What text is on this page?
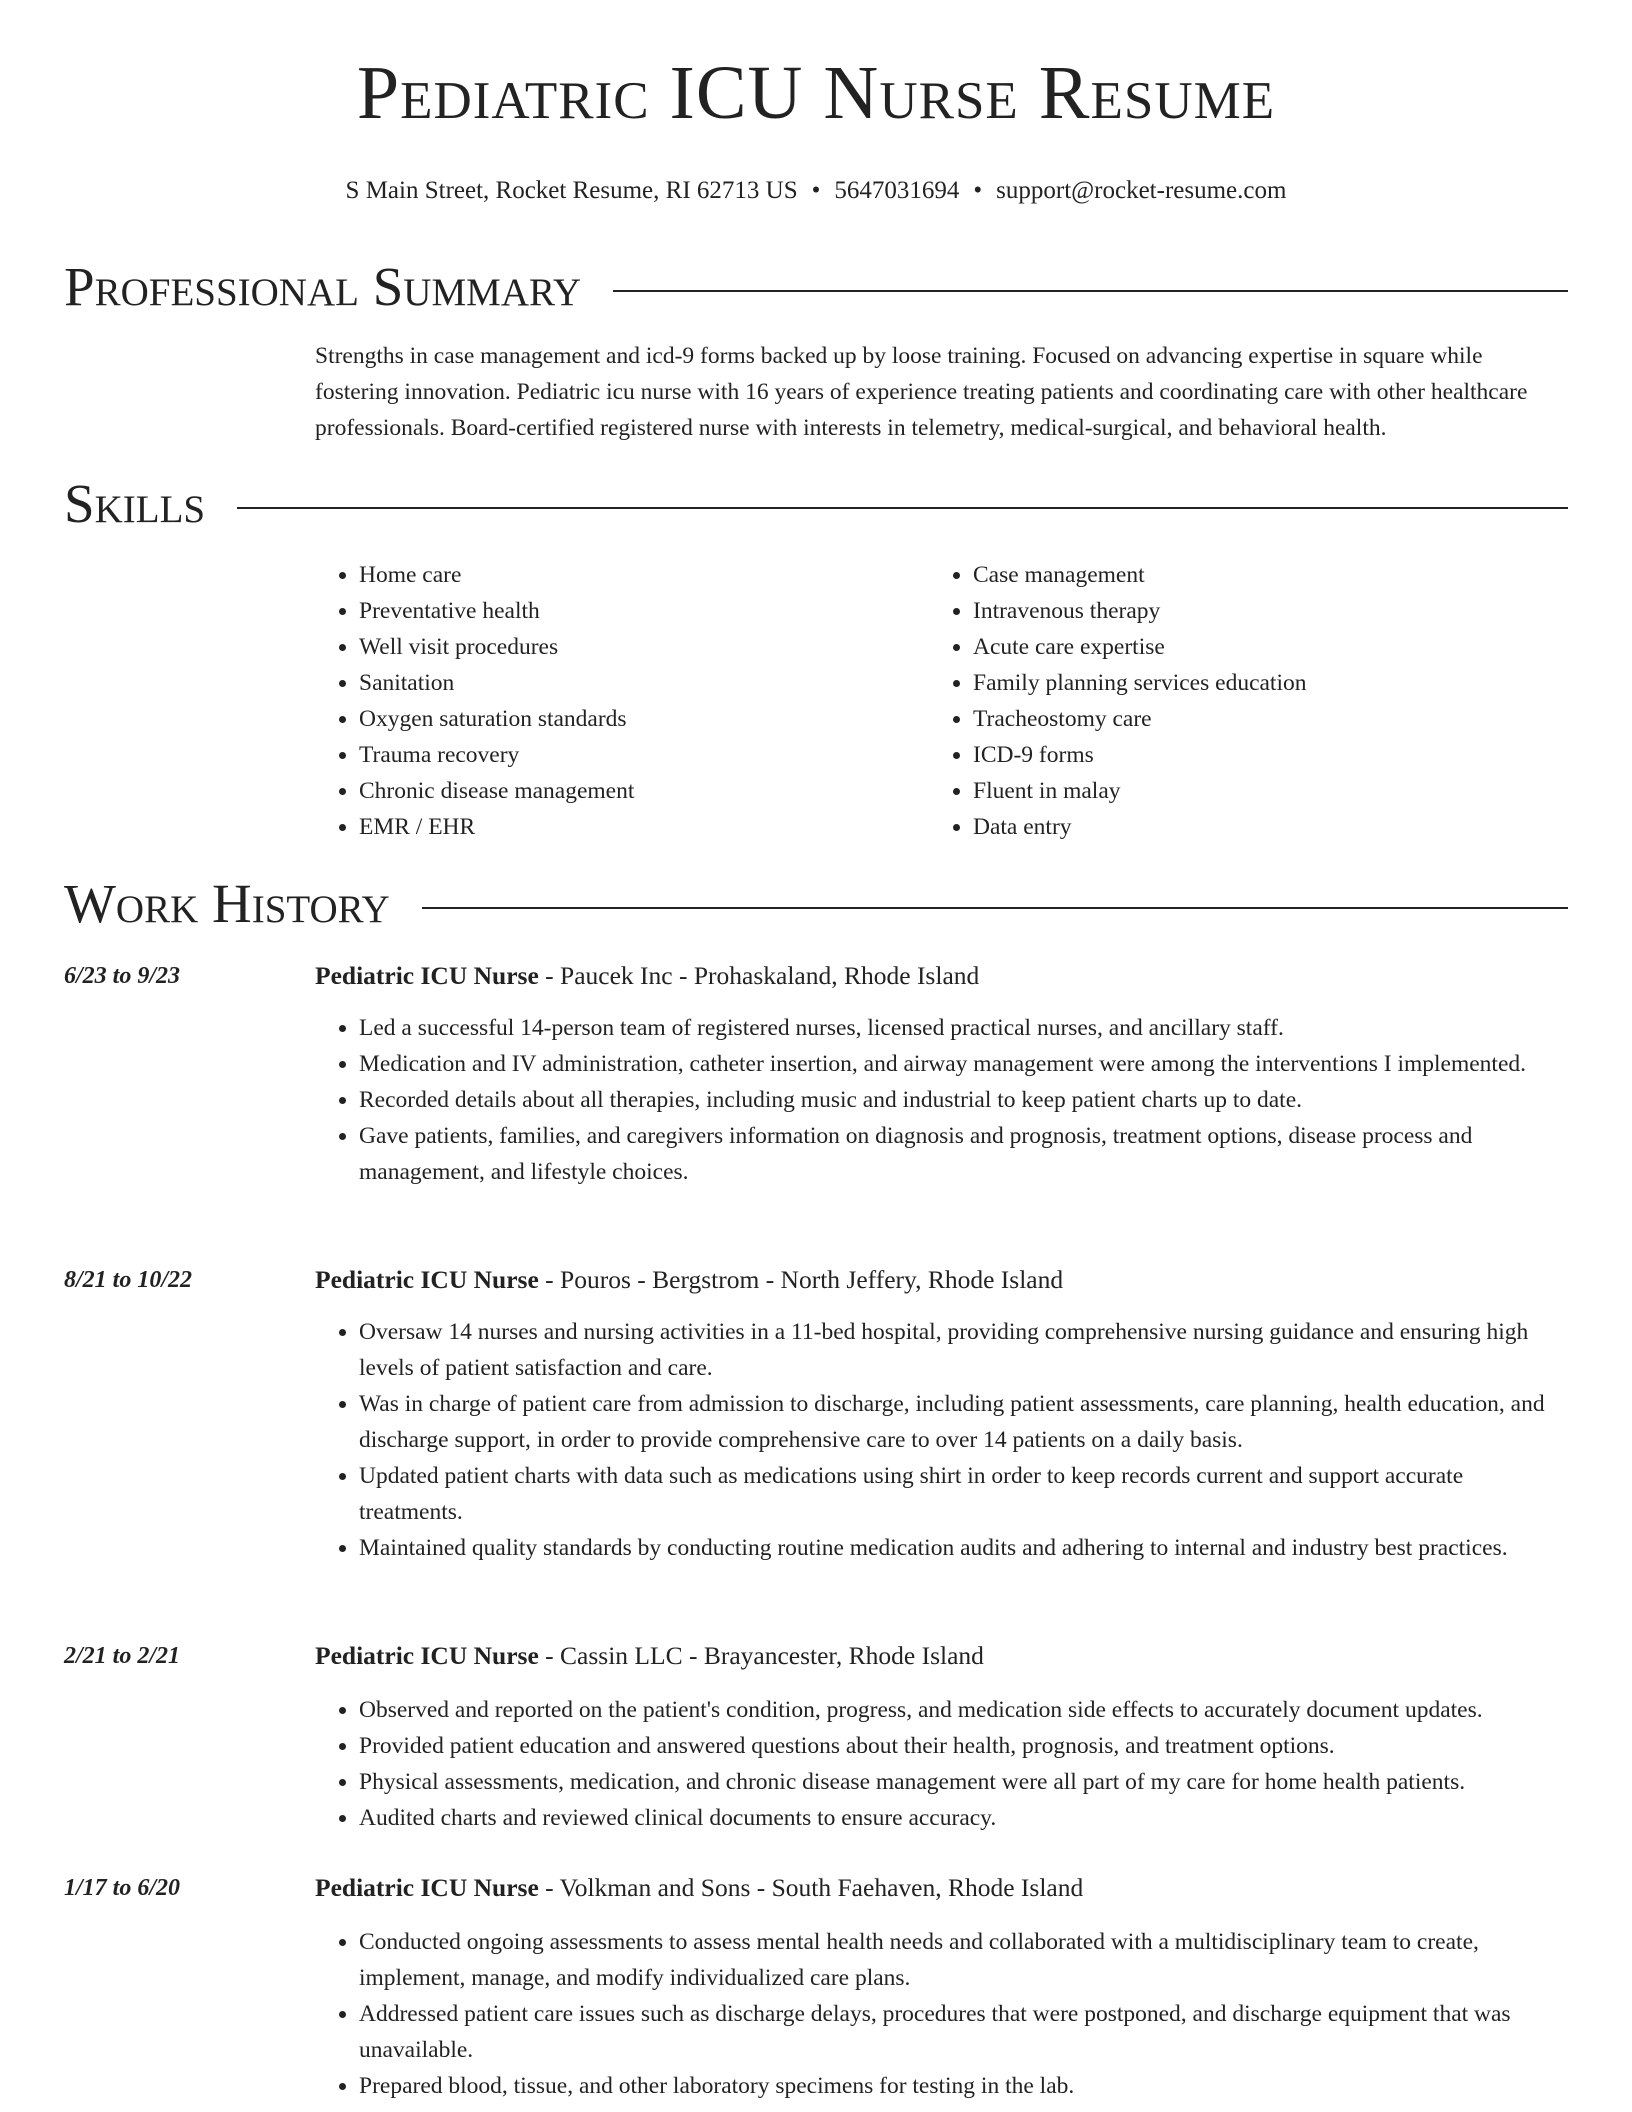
Pediatric ICU Nurse Resume
S Main Street, Rocket Resume, RI 62713 US • 5647031694 • support@rocket-resume.com
Professional Summary
Strengths in case management and icd-9 forms backed up by loose training. Focused on advancing expertise in square while fostering innovation. Pediatric icu nurse with 16 years of experience treating patients and coordinating care with other healthcare professionals. Board-certified registered nurse with interests in telemetry, medical-surgical, and behavioral health.
Skills
• Home care
• Preventative health
• Well visit procedures
• Sanitation
• Oxygen saturation standards
• Trauma recovery
• Chronic disease management
• EMR / EHR
• Case management
• Intravenous therapy
• Acute care expertise
• Family planning services education
• Tracheostomy care
• ICD-9 forms
• Fluent in malay
• Data entry
Work History
6/23 to 9/23	Pediatric ICU Nurse - Paucek Inc - Prohaskaland, Rhode Island
• Led a successful 14-person team of registered nurses, licensed practical nurses, and ancillary staff.
• Medication and IV administration, catheter insertion, and airway management were among the interventions I implemented.
• Recorded details about all therapies, including music and industrial to keep patient charts up to date.
• Gave patients, families, and caregivers information on diagnosis and prognosis, treatment options, disease process and management, and lifestyle choices.
8/21 to 10/22	Pediatric ICU Nurse - Pouros - Bergstrom - North Jeffery, Rhode Island
• Oversaw 14 nurses and nursing activities in a 11-bed hospital, providing comprehensive nursing guidance and ensuring high levels of patient satisfaction and care.
• Was in charge of patient care from admission to discharge, including patient assessments, care planning, health education, and discharge support, in order to provide comprehensive care to over 14 patients on a daily basis.
• Updated patient charts with data such as medications using shirt in order to keep records current and support accurate treatments.
• Maintained quality standards by conducting routine medication audits and adhering to internal and industry best practices.
2/21 to 2/21	Pediatric ICU Nurse - Cassin LLC - Brayancester, Rhode Island
• Observed and reported on the patient's condition, progress, and medication side effects to accurately document updates.
• Provided patient education and answered questions about their health, prognosis, and treatment options.
• Physical assessments, medication, and chronic disease management were all part of my care for home health patients.
• Audited charts and reviewed clinical documents to ensure accuracy.
1/17 to 6/20	Pediatric ICU Nurse - Volkman and Sons - South Faehaven, Rhode Island
• Conducted ongoing assessments to assess mental health needs and collaborated with a multidisciplinary team to create, implement, manage, and modify individualized care plans.
• Addressed patient care issues such as discharge delays, procedures that were postponed, and discharge equipment that was unavailable.
• Prepared blood, tissue, and other laboratory specimens for testing in the lab.
